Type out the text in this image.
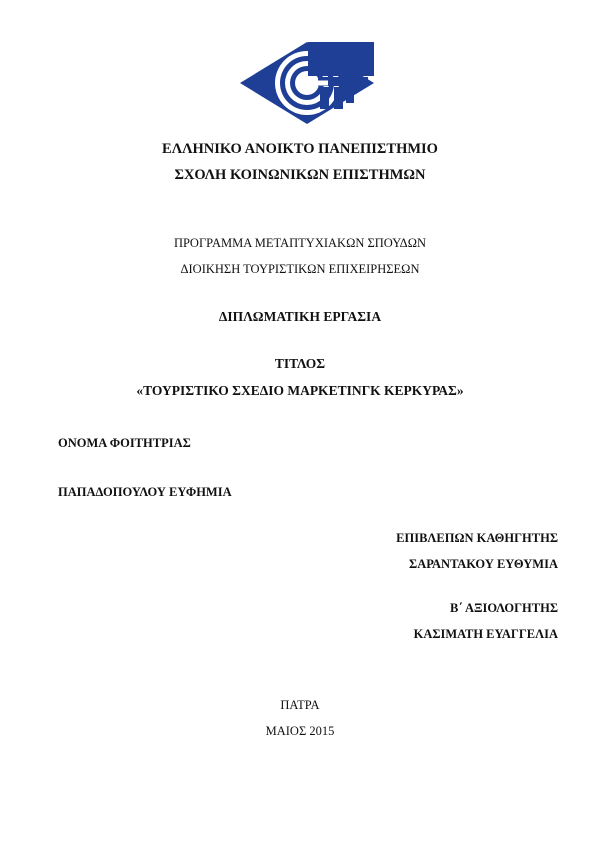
ΕΛΛΗΝΙΚΟ ΑΝΟΙΚΤΟ ΠΑΝΕΠΙΣΤΗΜΙΟ
ΣΧΟΛΗ ΚΟΙΝΩΝΙΚΩΝ ΕΠΙΣΤΗΜΩΝ
ΠΡΟΓΡΑΜΜΑ ΜΕΤΑΠΤΥΧΙΑΚΩΝ ΣΠΟΥΔΩΝ
ΔΙΟΙΚΗΣΗ ΤΟΥΡΙΣΤΙΚΩΝ ΕΠΙΧΕΙΡΗΣΕΩΝ
ΔΙΠΛΩΜΑΤΙΚΗ ΕΡΓΑΣΙΑ
ΤΙΤΛΟΣ
«ΤΟΥΡΙΣΤΙΚΟ ΣΧΕΔΙΟ ΜΑΡΚΕΤΙΝΓΚ ΚΕΡΚΥΡΑΣ»
ΟΝΟΜΑ ΦΟΙΤΗΤΡΙΑΣ
ΠΑΠΑΔΟΠΟΥΛΟΥ ΕΥΦΗΜΙΑ
ΕΠΙΒΛΕΠΩΝ ΚΑΘΗΓΗΤΗΣ
ΣΑΡΑΝΤΑΚΟΥ ΕΥΘΥΜΙΑ
Β΄ ΑΞΙΟΛΟΓΗΤΗΣ
ΚΑΣΙΜΑΤΗ ΕΥΑΓΓΕΛΙΑ
ΠΑΤΡΑ
ΜΑΙΟΣ 2015
